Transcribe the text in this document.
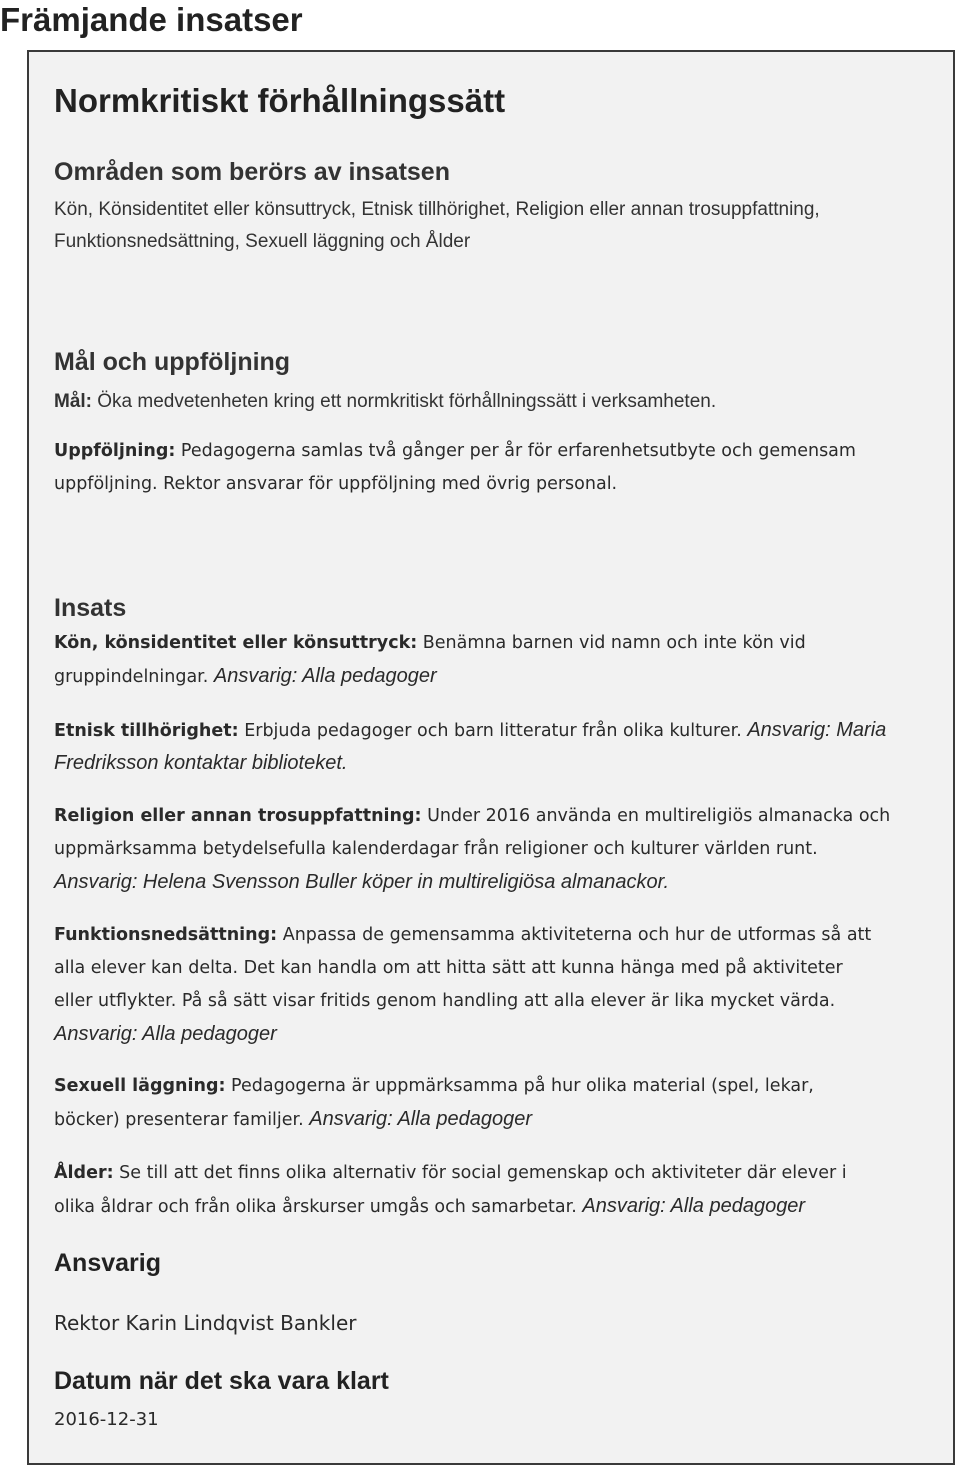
Främjande insatser
Normkritiskt förhållningssätt
Områden som berörs av insatsen
Kön, Könsidentitet eller könsuttryck, Etnisk tillhörighet, Religion eller annan trosuppfattning,
Funktionsnedsättning, Sexuell läggning och Ålder
Mål och uppföljning
Mål: Öka medvetenheten kring ett normkritiskt förhållningssätt i verksamheten.
Uppföljning: Pedagogerna samlas två gånger per år för erfarenhetsutbyte och gemensam
uppföljning. Rektor ansvarar för uppföljning med övrig personal.
Insats
Kön, könsidentitet eller könsuttryck: Benämna barnen vid namn och inte kön vid
gruppindelningar. Ansvarig: Alla pedagoger
Etnisk tillhörighet: Erbjuda pedagoger och barn litteratur från olika kulturer. Ansvarig: Maria
Fredriksson kontaktar biblioteket.
Religion eller annan trosuppfattning: Under 2016 använda en multireligiös almanacka och
uppmärksamma betydelsefulla kalenderdagar från religioner och kulturer världen runt.
Ansvarig: Helena Svensson Buller köper in multireligiösa almanackor.
Funktionsnedsättning: Anpassa de gemensamma aktiviteterna och hur de utformas så att
alla elever kan delta. Det kan handla om att hitta sätt att kunna hänga med på aktiviteter
eller utflykter. På så sätt visar fritids genom handling att alla elever är lika mycket värda.
Ansvarig: Alla pedagoger
Sexuell läggning: Pedagogerna är uppmärksamma på hur olika material (spel, lekar,
böcker) presenterar familjer. Ansvarig: Alla pedagoger
Ålder: Se till att det finns olika alternativ för social gemenskap och aktiviteter där elever i
olika åldrar och från olika årskurser umgås och samarbetar. Ansvarig: Alla pedagoger
Ansvarig
Rektor Karin Lindqvist Bankler
Datum när det ska vara klart
2016-12-31
